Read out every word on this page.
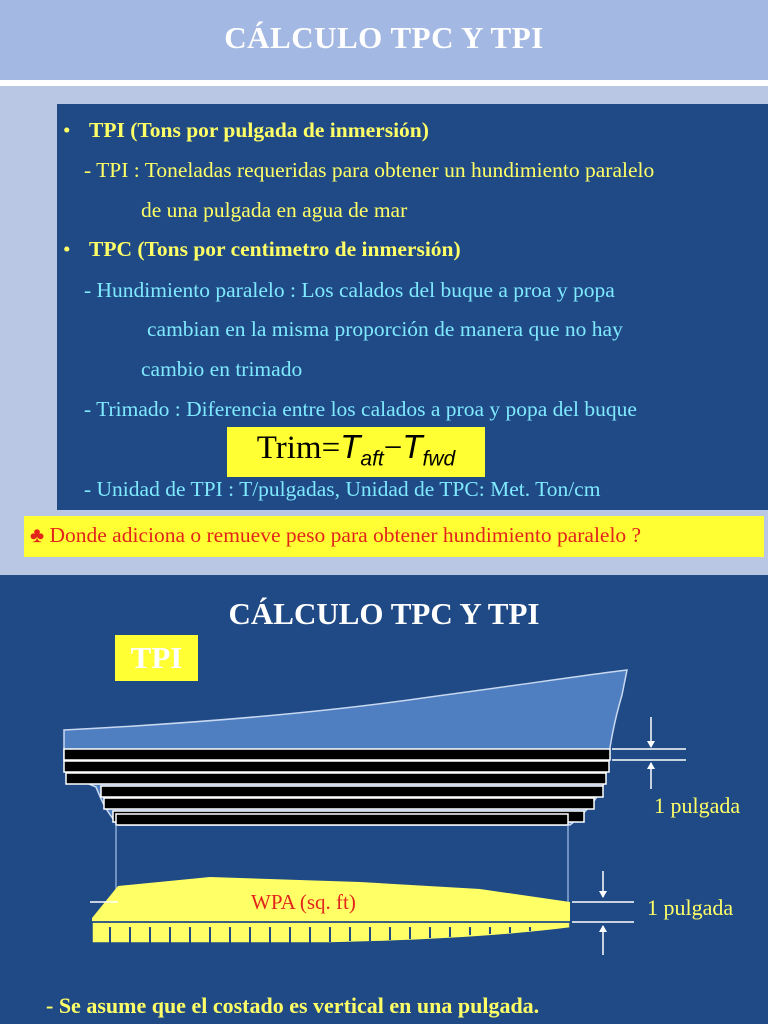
CÁLCULO TPC Y TPI
• TPI (Tons por pulgada de inmersión)
- TPI : Toneladas requeridas para obtener un hundimiento paralelo
de una pulgada en agua de mar
• TPC (Tons por centimetro de inmersión)
- Hundimiento paralelo : Los calados del buque a proa y popa
cambian en la misma proporción de manera que no hay
cambio en trimado
- Trimado : Diferencia entre los calados a proa y popa del buque
- Unidad de TPI : T/pulgadas, Unidad de TPC: Met. Ton/cm
$Trim=T_{aft}-T_{fwd}$
♣ Donde adiciona o remueve peso para obtener hundimiento paralelo ?
CÁLCULO TPC Y TPI
TPI
1 pulgada
1 pulgada
WPA (sq. ft)
- Se asume que el costado es vertical en una pulgada.
